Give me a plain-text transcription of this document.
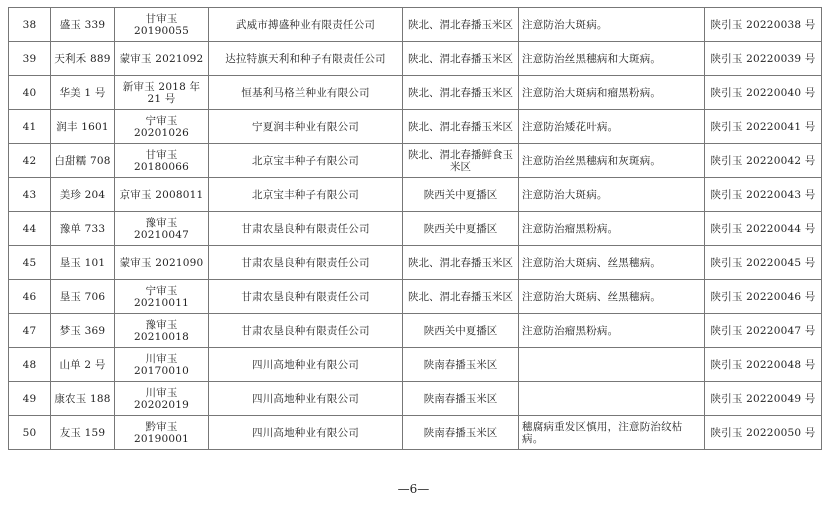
38	盛玉 339	甘审玉 20190055	武威市搏盛种业有限责任公司	陕北、渭北春播玉米区	注意防治大斑病。	陕引玉 20220038 号
39	天利禾 889	蒙审玉 2021092	达拉特旗天利和种子有限责任公司	陕北、渭北春播玉米区	注意防治丝黑穗病和大斑病。	陕引玉 20220039 号
40	华美 1 号	新审玉 2018 年 21 号	恒基利马格兰种业有限公司	陕北、渭北春播玉米区	注意防治大斑病和瘤黑粉病。	陕引玉 20220040 号
41	润丰 1601	宁审玉 20201026	宁夏润丰种业有限公司	陕北、渭北春播玉米区	注意防治矮花叶病。	陕引玉 20220041 号
42	白甜糯 708	甘审玉 20180066	北京宝丰种子有限公司	陕北、渭北春播鲜食玉米区	注意防治丝黑穗病和灰斑病。	陕引玉 20220042 号
43	美珍 204	京审玉 2008011	北京宝丰种子有限公司	陕西关中夏播区	注意防治大斑病。	陕引玉 20220043 号
44	豫单 733	豫审玉 20210047	甘肃农垦良种有限责任公司	陕西关中夏播区	注意防治瘤黑粉病。	陕引玉 20220044 号
45	垦玉 101	蒙审玉 2021090	甘肃农垦良种有限责任公司	陕北、渭北春播玉米区	注意防治大斑病、丝黑穗病。	陕引玉 20220045 号
46	垦玉 706	宁审玉 20210011	甘肃农垦良种有限责任公司	陕北、渭北春播玉米区	注意防治大斑病、丝黑穗病。	陕引玉 20220046 号
47	梦玉 369	豫审玉 20210018	甘肃农垦良种有限责任公司	陕西关中夏播区	注意防治瘤黑粉病。	陕引玉 20220047 号
48	山单 2 号	川审玉 20170010	四川高地种业有限公司	陕南春播玉米区		陕引玉 20220048 号
49	康农玉 188	川审玉 20202019	四川高地种业有限公司	陕南春播玉米区		陕引玉 20220049 号
50	友玉 159	黔审玉 20190001	四川高地种业有限公司	陕南春播玉米区	穗腐病重发区慎用，注意防治纹枯病。	陕引玉 20220050 号
—6—
